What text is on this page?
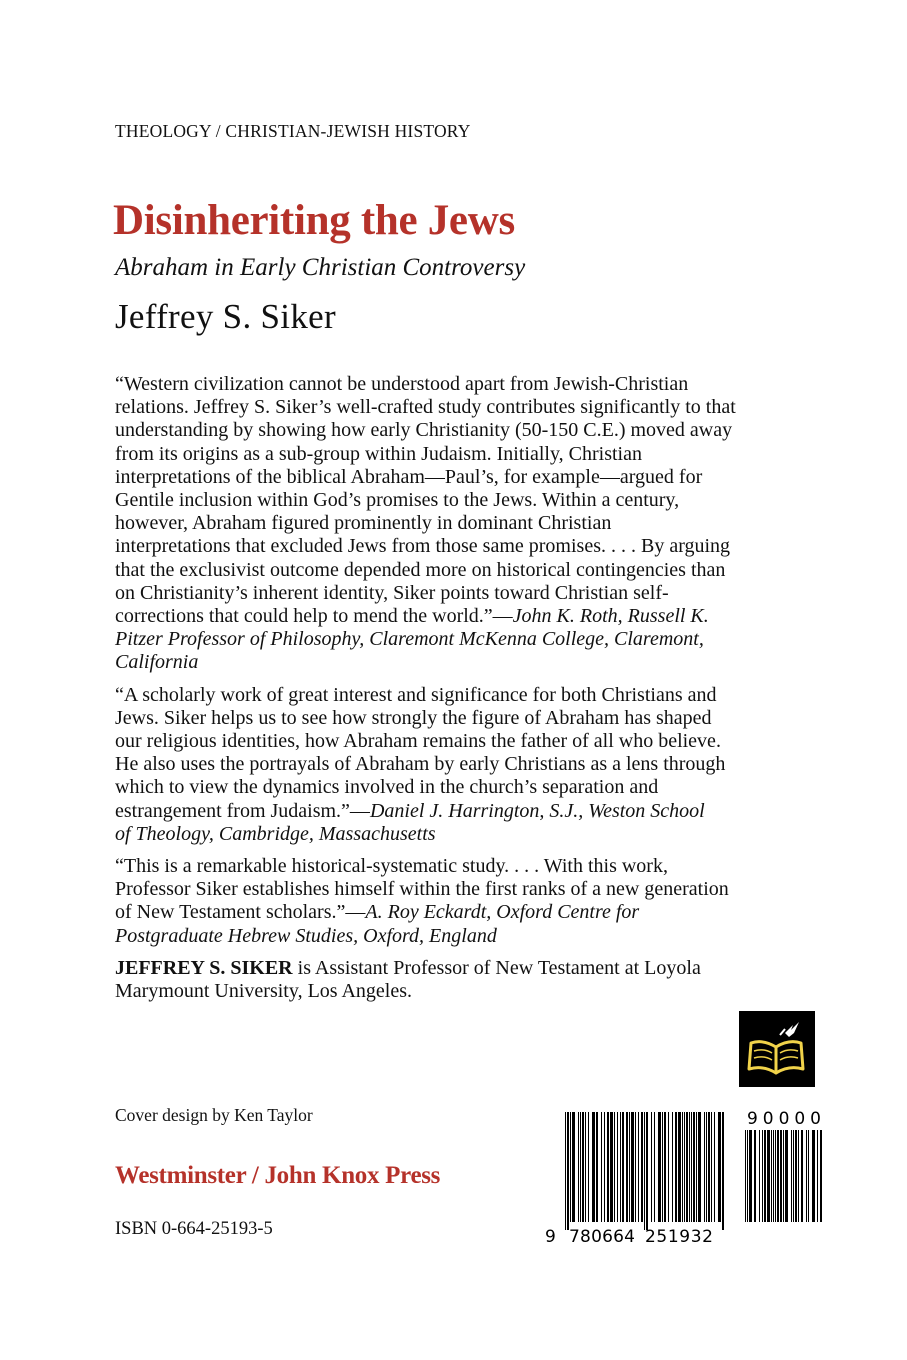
THEOLOGY / CHRISTIAN-JEWISH HISTORY
Disinheriting the Jews
Abraham in Early Christian Controversy
Jeffrey S. Siker

“Western civilization cannot be understood apart from Jewish-Christian
relations. Jeffrey S. Siker’s well-crafted study contributes significantly to that
understanding by showing how early Christianity (50-150 C.E.) moved away
from its origins as a sub-group within Judaism. Initially, Christian
interpretations of the biblical Abraham—Paul’s, for example—argued for
Gentile inclusion within God’s promises to the Jews. Within a century,
however, Abraham figured prominently in dominant Christian
interpretations that excluded Jews from those same promises. . . . By arguing
that the exclusivist outcome depended more on historical contingencies than
on Christianity’s inherent identity, Siker points toward Christian self-
corrections that could help to mend the world.”—John K. Roth, Russell K.
Pitzer Professor of Philosophy, Claremont McKenna College, Claremont,
California

“A scholarly work of great interest and significance for both Christians and
Jews. Siker helps us to see how strongly the figure of Abraham has shaped
our religious identities, how Abraham remains the father of all who believe.
He also uses the portrayals of Abraham by early Christians as a lens through
which to view the dynamics involved in the church’s separation and
estrangement from Judaism.”—Daniel J. Harrington, S.J., Weston School
of Theology, Cambridge, Massachusetts

“This is a remarkable historical-systematic study. . . . With this work,
Professor Siker establishes himself within the first ranks of a new generation
of New Testament scholars.”—A. Roy Eckardt, Oxford Centre for
Postgraduate Hebrew Studies, Oxford, England

JEFFREY S. SIKER is Assistant Professor of New Testament at Loyola
Marymount University, Los Angeles.

Cover design by Ken Taylor
Westminster / John Knox Press
ISBN 0-664-25193-5	9 780664 251932
90000
